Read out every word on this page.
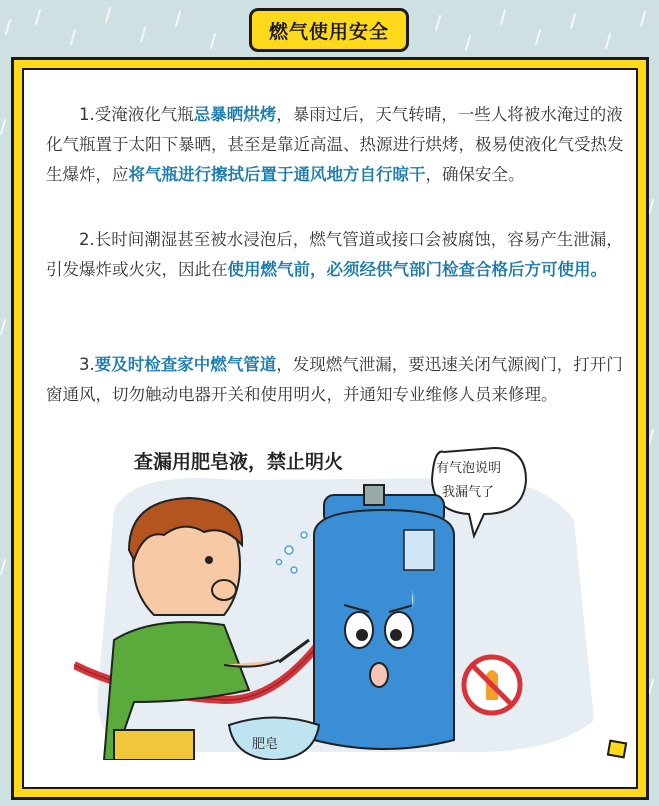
燃气使用安全

1.受淹液化气瓶忌暴晒烘烤，暴雨过后，天气转晴，一些人将被水淹过的液化气瓶置于太阳下暴晒，甚至是靠近高温、热源进行烘烤，极易使液化气受热发生爆炸，应将气瓶进行擦拭后置于通风地方自行晾干，确保安全。

2.长时间潮湿甚至被水浸泡后，燃气管道或接口会被腐蚀，容易产生泄漏，引发爆炸或火灾，因此在使用燃气前，必须经供气部门检查合格后方可使用。

3.要及时检查家中燃气管道，发现燃气泄漏，要迅速关闭气源阀门，打开门窗通风，切勿触动电器开关和使用明火，并通知专业维修人员来修理。

查漏用肥皂液，禁止明火	有气泡说明
我漏气了
肥皂
